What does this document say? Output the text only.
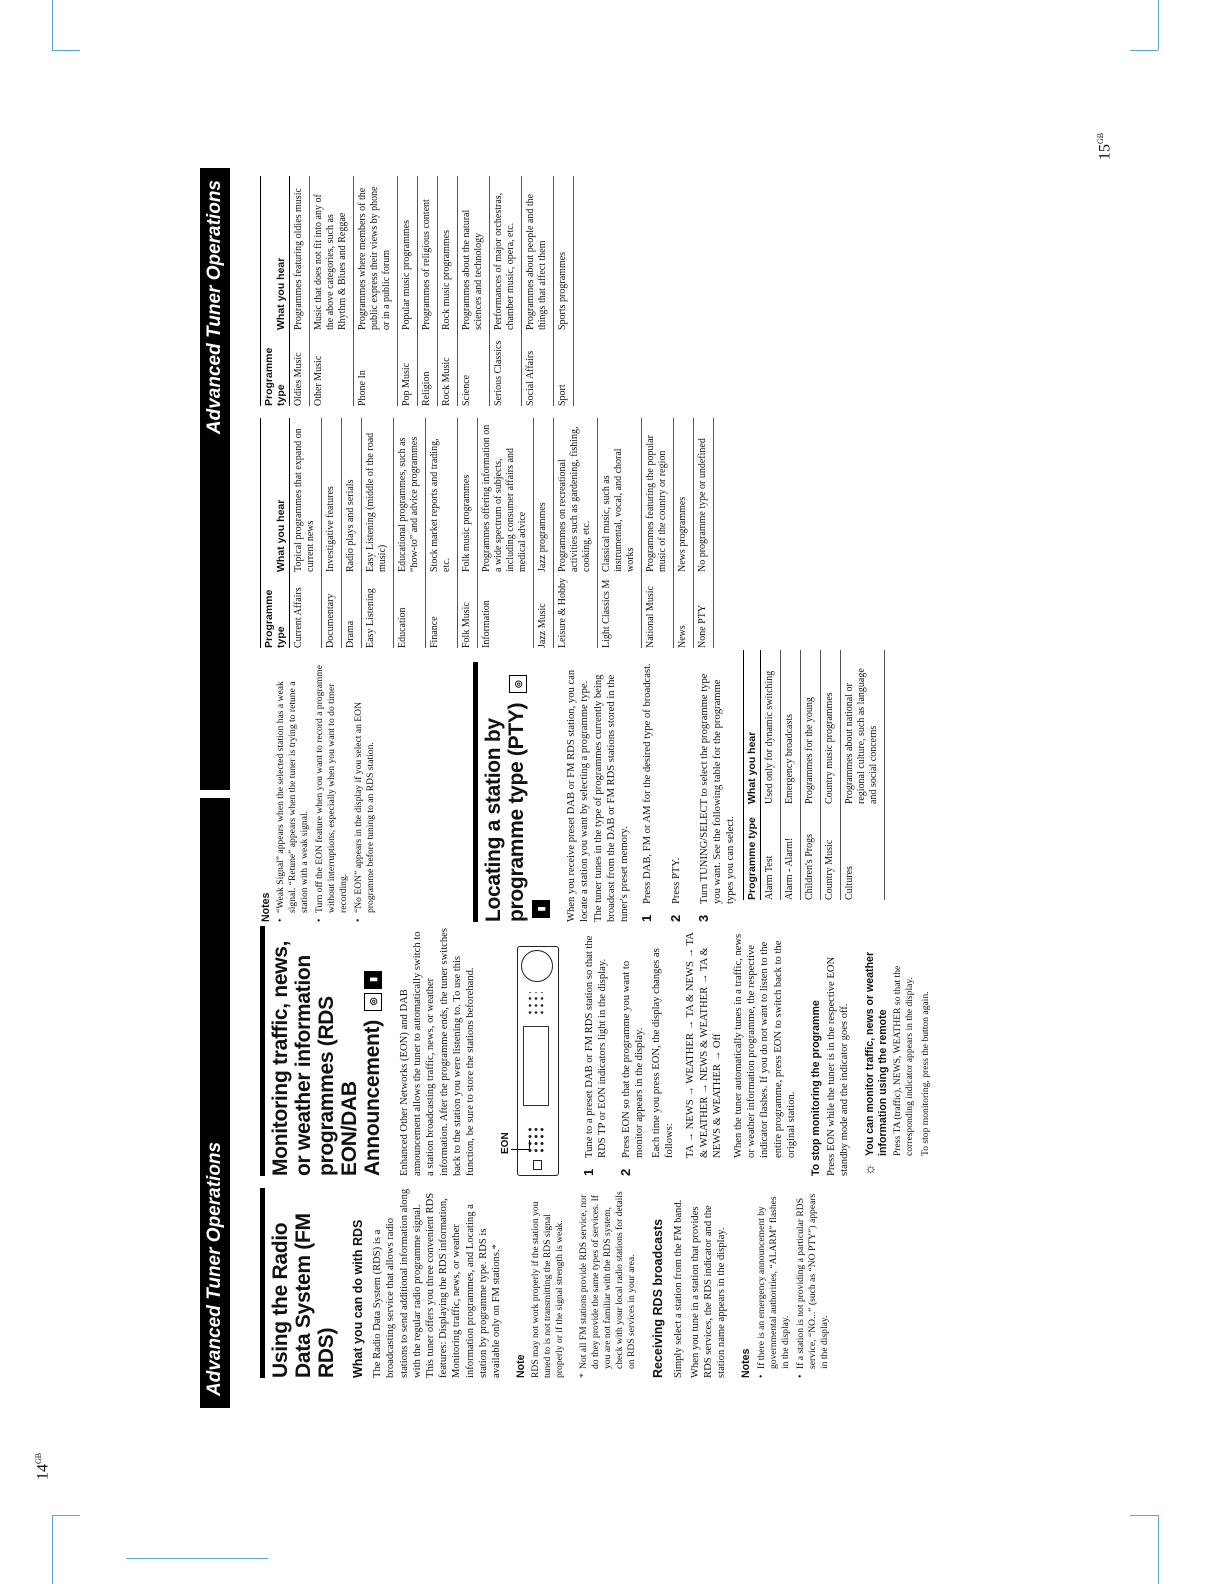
$14^{GB}$
$15^{GB}$
Advanced Tuner Operations
Advanced Tuner Operations
Using the Radio Data System (FM RDS) What you can do with RDS The Radio Data System (RDS) is a broadcasting service that allows radio stations to send additional information along with the regular radio programme signal. This tuner offers you three convenient RDS features: Displaying the RDS information, Monitoring traffic, news, or weather information programmes, and Locating a station by programme type. RDS is available only on FM stations.* Note RDS may not work properly if the station you tuned to is not transmitting the RDS signal properly or if the signal strength is weak. * Not all FM stations provide RDS service, nor do they provide the same types of services. If you are not familiar with the RDS system, check with your local radio stations for details on RDS services in your area. Receiving RDS broadcasts Simply select a station from the FM band. When you tune in a station that provides RDS services, the RDS indicator and the station name appears in the display. Notes • If there is an emergency announcement by governmental authorities, “ALARM” flashes in the display. • If a station is not providing a particular RDS service, “NO...” (such as “NO PTY”) appears in the display.

Monitoring traffic, news, or weather information programmes (RDS EON/DAB Announcement) ◎▮

Enhanced Other Networks (EON) and DAB announcement allows the tuner to automatically switch to a station broadcasting traffic, news, or weather information. After the programme ends, the tuner switches back to the station you were listening to. To use this function, be sure to store the stations beforehand. EON
1

Tune to a preset DAB or FM RDS station so that the RDS TP or EON indicators light in the display.

2

Press EON so that the programme you want to monitor appears in the display. Each time you press EON, the display changes as follows: TA → NEWS → WEATHER → TA & NEWS → TA & WEATHER → NEWS & WEATHER → TA & NEWS & WEATHER → Off When the tuner automatically tunes in a traffic, news or weather information programme, the respective indicator flashes. If you do not want to listen to the entire programme, press EON to switch back to the original station. To stop monitoring the programme Press EON while the tuner is in the respective EON standby mode and the indicator goes off. ☼
You can monitor traffic, news or weather information using the remote Press TA (traffic), NEWS, WEATHER so that the corresponding indicator appears in the display. To stop monitoring, press the button again.

Notes • “Weak Signal” appears when the selected station has a weak signal. “Retune” appears when the tuner is trying to retune a station with a weak signal. • Turn off the EON feature when you want to record a programme without interruptions, especially when you want to do timer recording. • “No EON” appears in the display if you select an EON programme before tuning to an RDS station.	Locating a station by programme type (PTY) ◎▮	When you receive preset DAB or FM RDS station, you can locate a station you want by selecting a programme type. The tuner tunes in the type of programmes currently being broadcast from the DAB or FM RDS stations stored in the tuner's preset memory. 1

Press DAB, FM or AM for the desired type of broadcast.

2

Press PTY.

3

Turn TUNING/SELECT to select the programme type you want. See the following table for the programme types you can select. Programme type	What you hear
Alarm Test	Used only for dynamic switching
Alarm - Alarm!	Emergency broadcasts
Children's Progs	Programmes for the young
Country Music	Country music programmes
Cultures	Programmes about national or regional culture, such as language and social concerns
Programme type	What you hear
Current Affairs	Topical programmes that expand on current news
Documentary	Investigative features
Drama	Radio plays and serials
Easy Listening	Easy Listening (middle of the road music)
Education	Educational programmes, such as “how-to” and advice programmes
Finance	Stock market reports and trading, etc.
Folk Music	Folk music programmes
Information	Programmes offering information on a wide spectrum of subjects, including consumer affairs and medical advice
Jazz Music	Jazz programmes
Leisure & Hobby	Programmes on recreational activities such as gardening, fishing, cooking, etc.
Light Classics M	Classical music, such as instrumental, vocal, and choral works
National Music	Programmes featuring the popular music of the country or region
News	News programmes
None PTY	No programme type or undefined
Programme type	What you hear
Oldies Music	Programmes featuring oldies music
Other Music	Music that does not fit into any of the above categories, such as Rhythm & Blues and Reggae
Phone In	Programmes where members of the public express their views by phone or in a public forum
Pop Music	Popular music programmes
Religion	Programmes of religious content
Rock Music	Rock music programmes
Science	Programmes about the natural sciences and technology
Serious Classics	Performances of major orchestras, chamber music, opera, etc.
Social Affairs	Programmes about people and the things that affect them
Sport	Sports programmes
